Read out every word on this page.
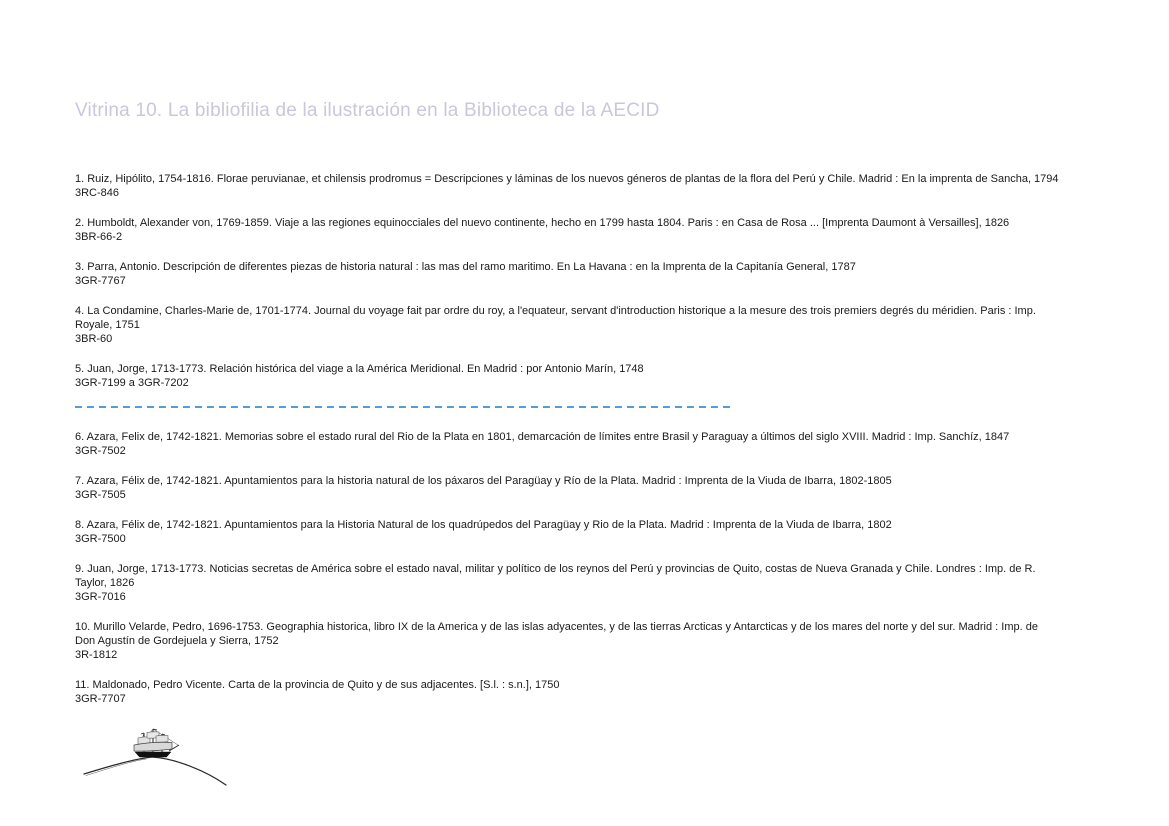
Vitrina 10. La bibliofilia de la ilustración en la Biblioteca de la AECID
1. Ruiz, Hipólito, 1754-1816. Florae peruvianae, et chilensis prodromus = Descripciones y láminas de los nuevos géneros de plantas de la flora del Perú y Chile. Madrid : En la imprenta de Sancha, 1794
3RC-846
2. Humboldt, Alexander von, 1769-1859. Viaje a las regiones equinocciales del nuevo continente, hecho en 1799 hasta 1804. Paris : en Casa de Rosa ... [Imprenta Daumont à Versailles], 1826
3BR-66-2
3. Parra, Antonio. Descripción de diferentes piezas de historia natural : las mas del ramo maritimo. En La Havana : en la Imprenta de la Capitanía General, 1787
3GR-7767
4. La Condamine, Charles-Marie de, 1701-1774. Journal du voyage fait par ordre du roy, a l'equateur, servant d'introduction historique a la mesure des trois premiers degrés du méridien. Paris : Imp.
Royale, 1751
3BR-60
5. Juan, Jorge, 1713-1773. Relación histórica del viage a la América Meridional. En Madrid : por Antonio Marín, 1748
3GR-7199 a 3GR-7202
6. Azara, Felix de, 1742-1821. Memorias sobre el estado rural del Rio de la Plata en 1801, demarcación de límites entre Brasil y Paraguay a últimos del siglo XVIII. Madrid : Imp. Sanchíz, 1847
3GR-7502
7. Azara, Félix de, 1742-1821. Apuntamientos para la historia natural de los páxaros del Paragüay y Río de la Plata. Madrid : Imprenta de la Viuda de Ibarra, 1802-1805
3GR-7505
8. Azara, Félix de, 1742-1821. Apuntamientos para la Historia Natural de los quadrúpedos del Paragüay y Rio de la Plata. Madrid : Imprenta de la Viuda de Ibarra, 1802
3GR-7500
9. Juan, Jorge, 1713-1773. Noticias secretas de América sobre el estado naval, militar y político de los reynos del Perú y provincias de Quito, costas de Nueva Granada y Chile. Londres : Imp. de R.
Taylor, 1826
3GR-7016
10. Murillo Velarde, Pedro, 1696-1753. Geographia historica, libro IX de la America y de las islas adyacentes, y de las tierras Arcticas y Antarcticas y de los mares del norte y del sur. Madrid : Imp. de
Don Agustín de Gordejuela y Sierra, 1752
3R-1812
11. Maldonado, Pedro Vicente. Carta de la provincia de Quito y de sus adjacentes. [S.l. : s.n.], 1750
3GR-7707
